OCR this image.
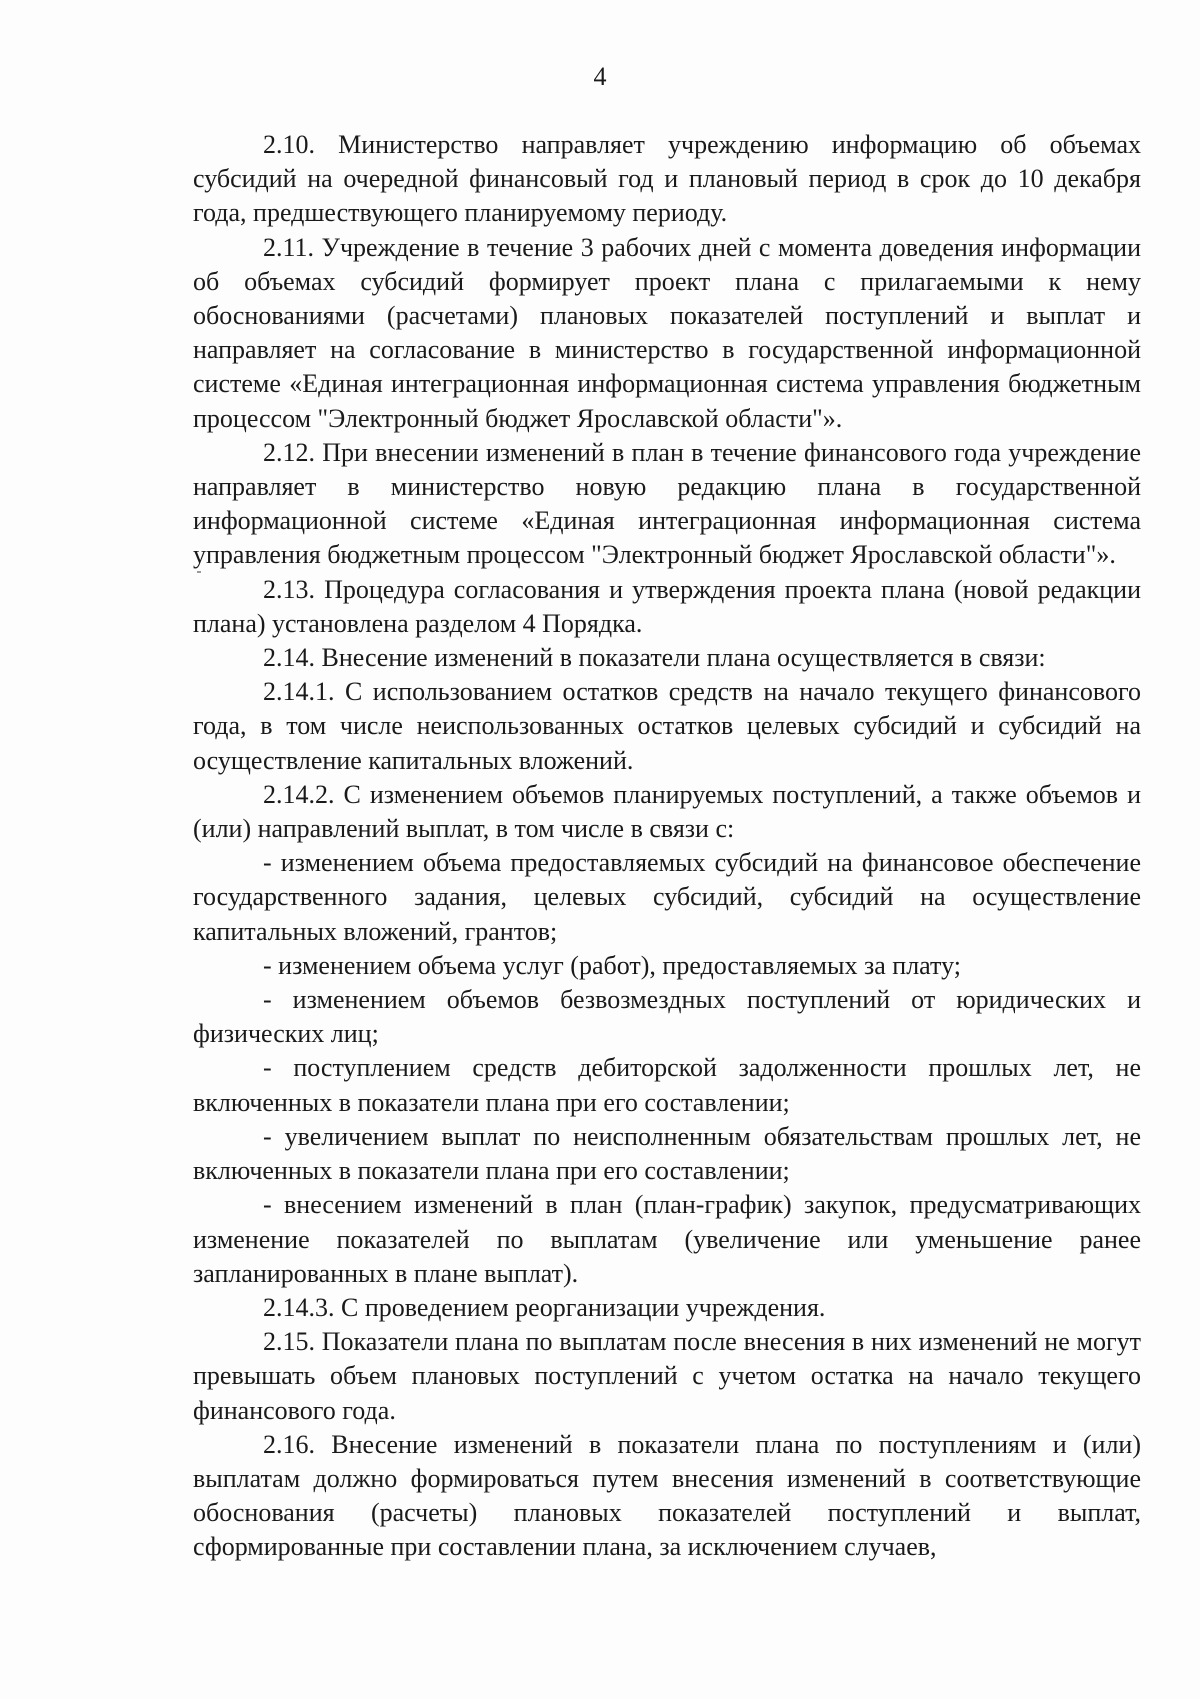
4

2.10. Министерство направляет учреждению информацию об объемах субсидий на очередной финансовый год и плановый период в срок до 10 декабря года, предшествующего планируемому периоду.

2.11. Учреждение в течение 3 рабочих дней с момента доведения информации об объемах субсидий формирует проект плана с прилагаемыми к нему обоснованиями (расчетами) плановых показателей поступлений и выплат и направляет на согласование в министерство в государственной информационной системе «Единая интеграционная информационная система управления бюджетным процессом "Электронный бюджет Ярославской области"».

2.12. При внесении изменений в план в течение финансового года учреждение направляет в министерство новую редакцию плана в государственной информационной системе «Единая интеграционная информационная система управления бюджетным процессом "Электронный бюджет Ярославской области"».

2.13. Процедура согласования и утверждения проекта плана (новой редакции плана) установлена разделом 4 Порядка.

2.14. Внесение изменений в показатели плана осуществляется в связи:

2.14.1. С использованием остатков средств на начало текущего финансового года, в том числе неиспользованных остатков целевых субсидий и субсидий на осуществление капитальных вложений.

2.14.2. С изменением объемов планируемых поступлений, а также объемов и (или) направлений выплат, в том числе в связи с:

- изменением объема предоставляемых субсидий на финансовое обеспечение государственного задания, целевых субсидий, субсидий на осуществление капитальных вложений, грантов;

- изменением объема услуг (работ), предоставляемых за плату;

- изменением объемов безвозмездных поступлений от юридических и физических лиц;

- поступлением средств дебиторской задолженности прошлых лет, не включенных в показатели плана при его составлении;

- увеличением выплат по неисполненным обязательствам прошлых лет, не включенных в показатели плана при его составлении;

- внесением изменений в план (план-график) закупок, предусматривающих изменение показателей по выплатам (увеличение или уменьшение ранее запланированных в плане выплат).

2.14.3. С проведением реорганизации учреждения.

2.15. Показатели плана по выплатам после внесения в них изменений не могут превышать объем плановых поступлений с учетом остатка на начало текущего финансового года.

2.16. Внесение изменений в показатели плана по поступлениям и (или) выплатам должно формироваться путем внесения изменений в соответствующие обоснования (расчеты) плановых показателей поступлений и выплат, сформированные при составлении плана, за исключением случаев,
